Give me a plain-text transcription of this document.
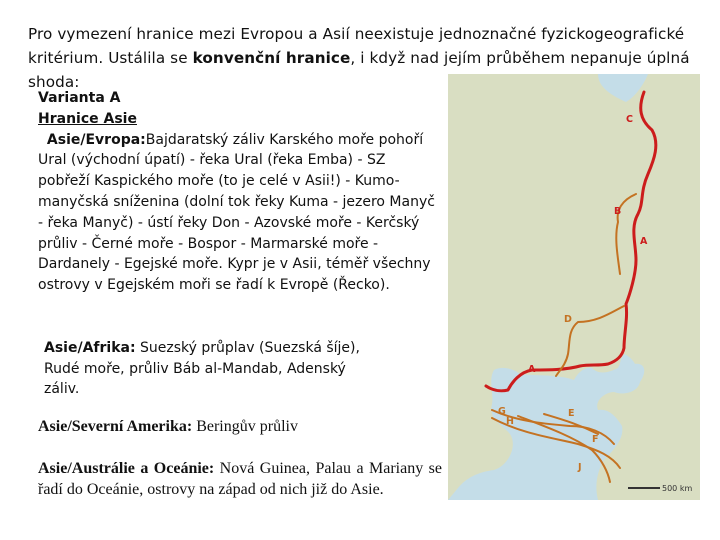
Pro vymezení hranice mezi Evropou a Asií neexistuje jednoznačné fyzickogeografické kritérium. Ustálila se konvenční hranice, i když nad jejím průběhem nepanuje úplná shoda:
Varianta A
Hranice Asie
Asie/Evropa:Bajdaratský záliv Karského moře pohoří Ural (východní úpatí) - řeka Ural (řeka Emba) - SZ pobřeží Kaspického moře (to je celé v Asii!) - Kumo-manyčská sníženina (dolní tok řeky Kuma - jezero Manyč - řeka Manyč) - ústí řeky Don - Azovské moře - Kerčský průliv - Černé moře - Bospor - Marmarské moře - Dardanely - Egejské moře. Kypr je v Asii, téměř všechny ostrovy v Egejském moři se řadí k Evropě (Řecko).
Asie/Afrika: Suezský průplav (Suezská šíje), Rudé moře, průliv Báb al-Mandab, Adenský záliv.
Asie/Severní Amerika: Beringův průliv
Asie/Austrálie a Oceánie: Nová Guinea, Palau a Mariany se řadí do Oceánie, ostrovy na západ od nich již do Asie.
C
B
A
D
A
G	E
H
F
J
500 km
